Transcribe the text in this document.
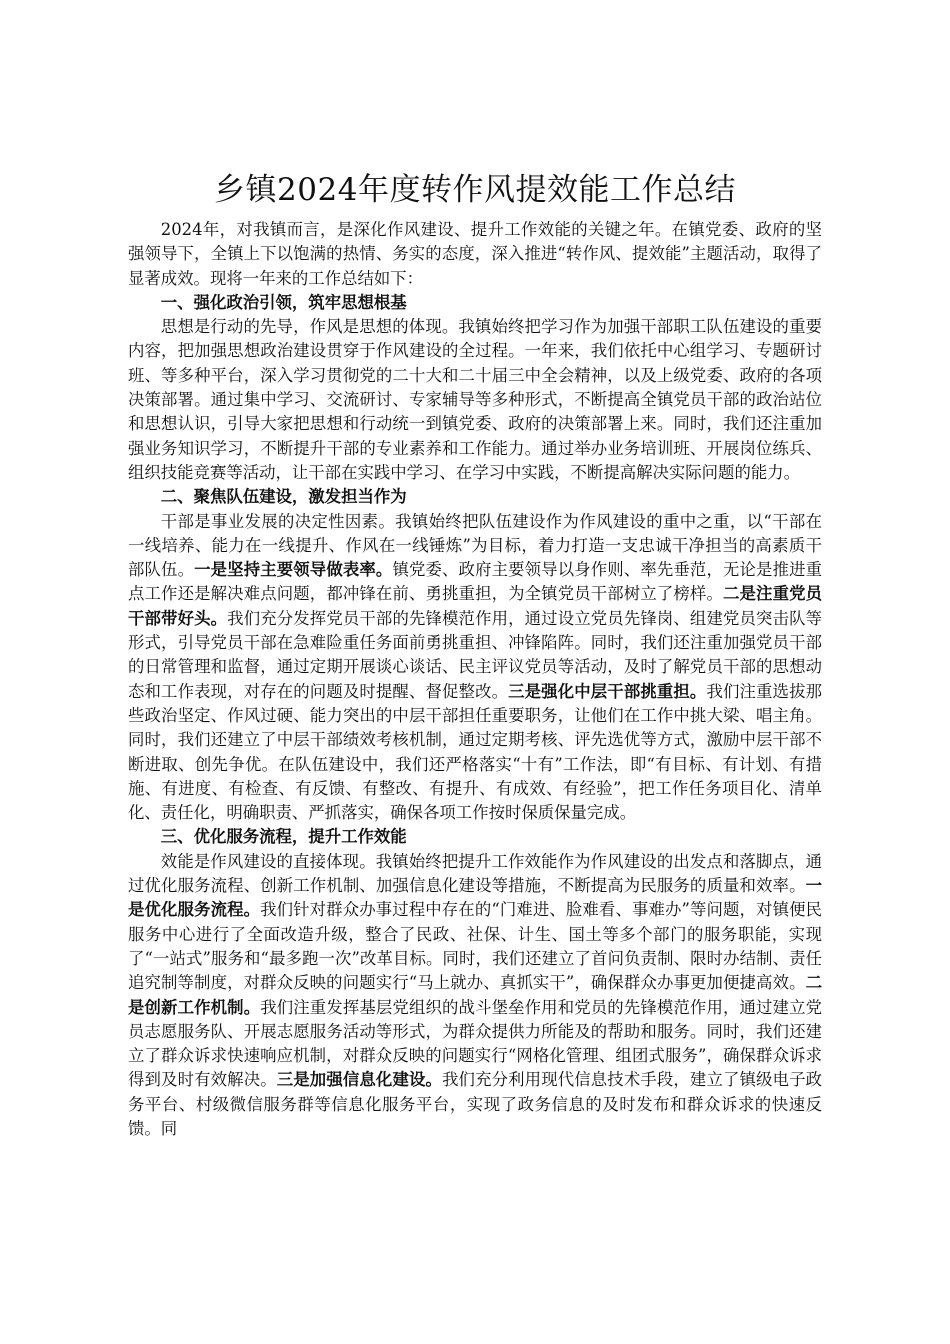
乡镇2024年度转作风提效能工作总结

2024年，对我镇而言，是深化作风建设、提升工作效能的关键之年。在镇党委、政府的坚强领导下，全镇上下以饱满的热情、务实的态度，深入推进“转作风、提效能”主题活动，取得了显著成效。现将一年来的工作总结如下：

一、强化政治引领，筑牢思想根基

思想是行动的先导，作风是思想的体现。我镇始终把学习作为加强干部职工队伍建设的重要内容，把加强思想政治建设贯穿于作风建设的全过程。一年来，我们依托中心组学习、专题研讨班、等多种平台，深入学习贯彻党的二十大和二十届三中全会精神，以及上级党委、政府的各项决策部署。通过集中学习、交流研讨、专家辅导等多种形式，不断提高全镇党员干部的政治站位和思想认识，引导大家把思想和行动统一到镇党委、政府的决策部署上来。同时，我们还注重加强业务知识学习，不断提升干部的专业素养和工作能力。通过举办业务培训班、开展岗位练兵、组织技能竞赛等活动，让干部在实践中学习、在学习中实践，不断提高解决实际问题的能力。

二、聚焦队伍建设，激发担当作为

干部是事业发展的决定性因素。我镇始终把队伍建设作为作风建设的重中之重，以“干部在一线培养、能力在一线提升、作风在一线锤炼”为目标，着力打造一支忠诚干净担当的高素质干部队伍。一是坚持主要领导做表率。镇党委、政府主要领导以身作则、率先垂范，无论是推进重点工作还是解决难点问题，都冲锋在前、勇挑重担，为全镇党员干部树立了榜样。二是注重党员干部带好头。我们充分发挥党员干部的先锋模范作用，通过设立党员先锋岗、组建党员突击队等形式，引导党员干部在急难险重任务面前勇挑重担、冲锋陷阵。同时，我们还注重加强党员干部的日常管理和监督，通过定期开展谈心谈话、民主评议党员等活动，及时了解党员干部的思想动态和工作表现，对存在的问题及时提醒、督促整改。三是强化中层干部挑重担。我们注重选拔那些政治坚定、作风过硬、能力突出的中层干部担任重要职务，让他们在工作中挑大梁、唱主角。同时，我们还建立了中层干部绩效考核机制，通过定期考核、评先选优等方式，激励中层干部不断进取、创先争优。在队伍建设中，我们还严格落实“十有”工作法，即“有目标、有计划、有措施、有进度、有检查、有反馈、有整改、有提升、有成效、有经验”，把工作任务项目化、清单化、责任化，明确职责、严抓落实，确保各项工作按时保质保量完成。

三、优化服务流程，提升工作效能

效能是作风建设的直接体现。我镇始终把提升工作效能作为作风建设的出发点和落脚点，通过优化服务流程、创新工作机制、加强信息化建设等措施，不断提高为民服务的质量和效率。一是优化服务流程。我们针对群众办事过程中存在的“门难进、脸难看、事难办”等问题，对镇便民服务中心进行了全面改造升级，整合了民政、社保、计生、国土等多个部门的服务职能，实现了“一站式”服务和“最多跑一次”改革目标。同时，我们还建立了首问负责制、限时办结制、责任追究制等制度，对群众反映的问题实行“马上就办、真抓实干”，确保群众办事更加便捷高效。二是创新工作机制。我们注重发挥基层党组织的战斗堡垒作用和党员的先锋模范作用，通过建立党员志愿服务队、开展志愿服务活动等形式，为群众提供力所能及的帮助和服务。同时，我们还建立了群众诉求快速响应机制，对群众反映的问题实行“网格化管理、组团式服务”，确保群众诉求得到及时有效解决。三是加强信息化建设。我们充分利用现代信息技术手段，建立了镇级电子政务平台、村级微信服务群等信息化服务平台，实现了政务信息的及时发布和群众诉求的快速反馈。同
